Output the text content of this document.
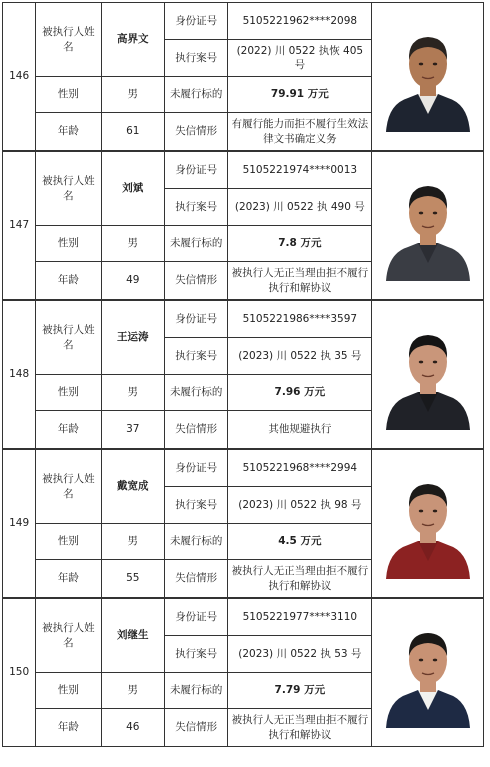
146	被执行人姓名	高界文	身份证号	5105221962****2098	

			执行案号	(2022) 川 0522 执恢 405 号	
	性别	男	未履行标的	79.91 万元	
	年龄	61	失信情形	有履行能力而拒不履行生效法律文书确定义务	
147	被执行人姓名	刘斌	身份证号	5105221974****0013	

			执行案号	(2023) 川 0522 执 490 号	
	性别	男	未履行标的	7.8 万元	
	年龄	49	失信情形	被执行人无正当理由拒不履行执行和解协议	
148	被执行人姓名	王运涛	身份证号	5105221986****3597	

			执行案号	(2023) 川 0522 执 35 号	
	性别	男	未履行标的	7.96 万元	
	年龄	37	失信情形	其他规避执行	
149	被执行人姓名	戴宽成	身份证号	5105221968****2994	

			执行案号	(2023) 川 0522 执 98 号	
	性别	男	未履行标的	4.5 万元	
	年龄	55	失信情形	被执行人无正当理由拒不履行执行和解协议	
150	被执行人姓名	刘继生	身份证号	5105221977****3110	

			执行案号	(2023) 川 0522 执 53 号	
	性别	男	未履行标的	7.79 万元	
	年龄	46	失信情形	被执行人无正当理由拒不履行执行和解协议	
